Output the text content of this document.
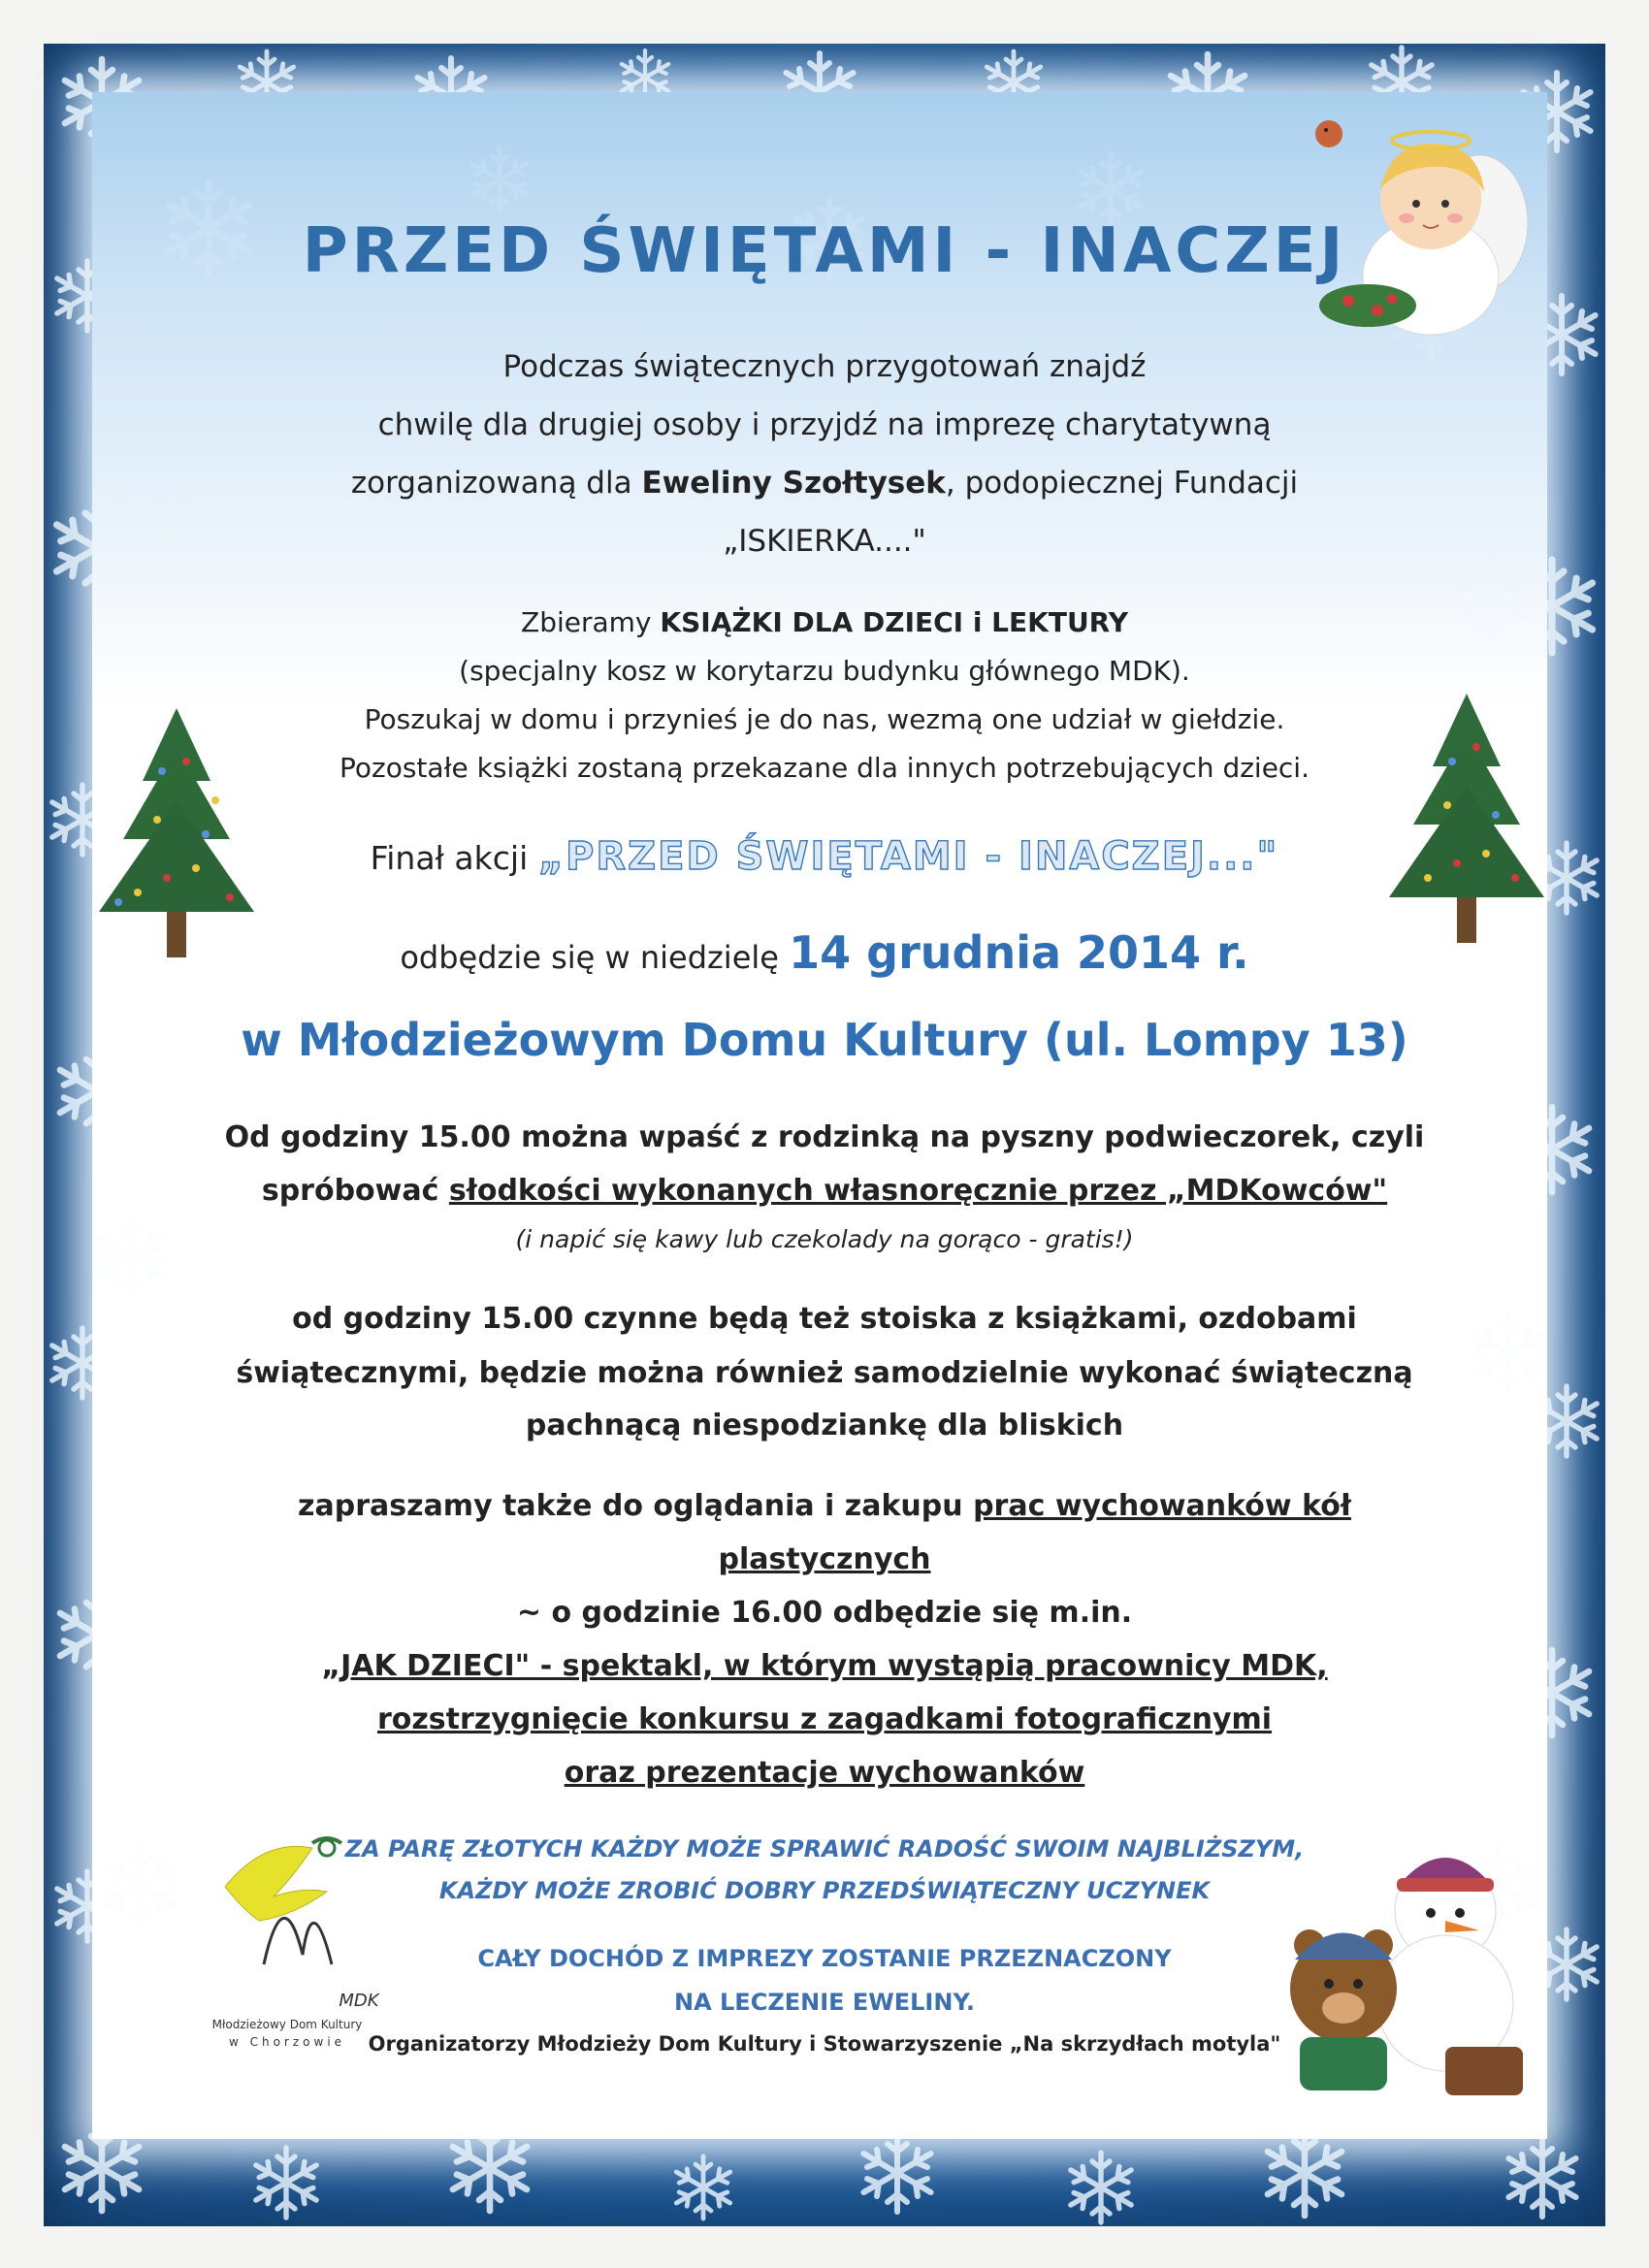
MDK
Młodzieżowy Dom Kultury
w Chorzowie
PRZED ŚWIĘTAMI - INACZEJ
Podczas świątecznych przygotowań znajdź
chwilę dla drugiej osoby i przyjdź na imprezę charytatywną
zorganizowaną dla Eweliny Szołtysek, podopiecznej Fundacji
„ISKIERKA...."
Zbieramy KSIĄŻKI DLA DZIECI i LEKTURY
(specjalny kosz w korytarzu budynku głównego MDK).
Poszukaj w domu i przynieś je do nas, wezmą one udział w giełdzie.
Pozostałe książki zostaną przekazane dla innych potrzebujących dzieci.
Finał akcji „PRZED ŚWIĘTAMI - INACZEJ..."
odbędzie się w niedzielę 14 grudnia 2014 r.
w Młodzieżowym Domu Kultury (ul. Lompy 13)
Od godziny 15.00 można wpaść z rodzinką na pyszny podwieczorek, czyli
spróbować słodkości wykonanych własnoręcznie przez „MDKowców"
(i napić się kawy lub czekolady na gorąco - gratis!)
od godziny 15.00 czynne będą też stoiska z książkami, ozdobami
świątecznymi, będzie można również samodzielnie wykonać świąteczną
pachnącą niespodziankę dla bliskich
zapraszamy także do oglądania i zakupu prac wychowanków kół
plastycznych
~ o godzinie 16.00 odbędzie się m.in.
„JAK DZIECI" - spektakl, w którym wystąpią pracownicy MDK,
rozstrzygnięcie konkursu z zagadkami fotograficznymi
oraz prezentacje wychowanków
ZA PARĘ ZŁOTYCH KAŻDY MOŻE SPRAWIĆ RADOŚĆ SWOIM NAJBLIŻSZYM,
KAŻDY MOŻE ZROBIĆ DOBRY PRZEDŚWIĄTECZNY UCZYNEK
CAŁY DOCHÓD Z IMPREZY ZOSTANIE PRZEZNACZONY
NA LECZENIE EWELINY.
Organizatorzy Młodzieży Dom Kultury i Stowarzyszenie „Na skrzydłach motyla"
